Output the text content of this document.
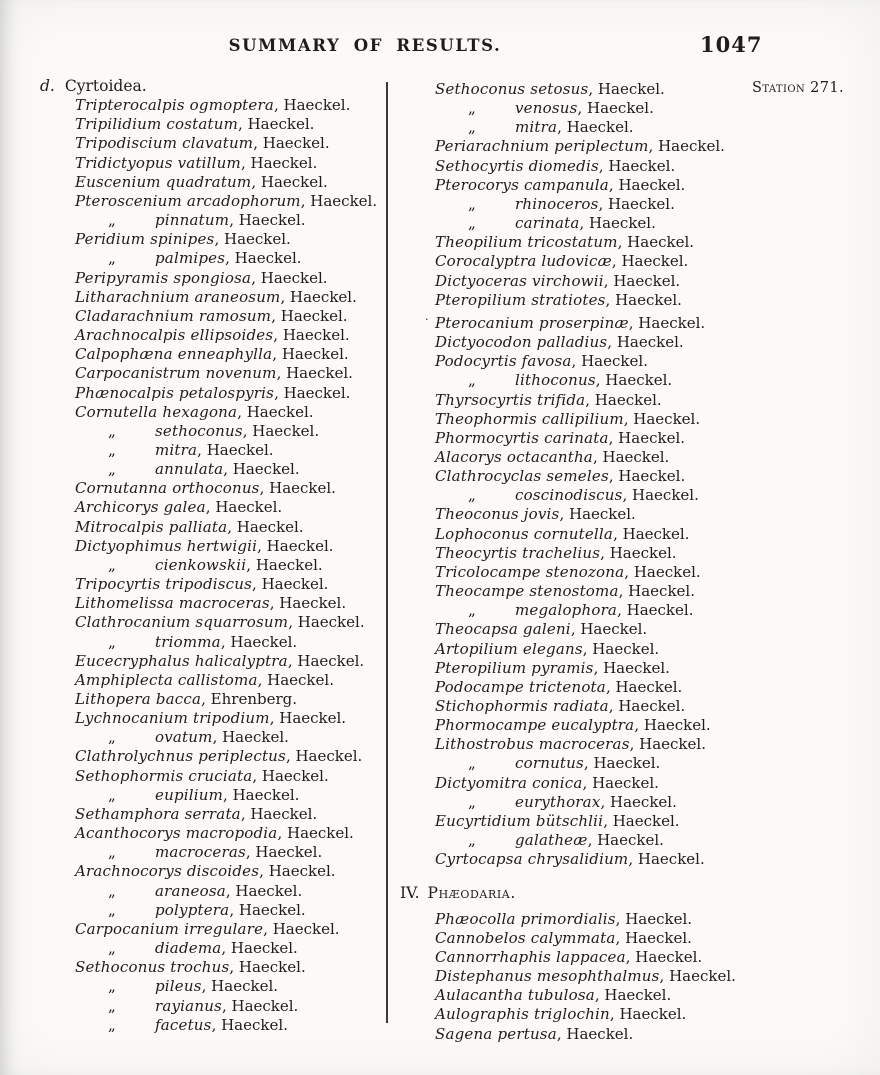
SUMMARY OF RESULTS.	1047
Station 271.
d. Cyrtoidea.
Tripterocalpis ogmoptera, Haeckel.
Tripilidium costatum, Haeckel.
Tripodiscium clavatum, Haeckel.
Tridictyopus vatillum, Haeckel.
Euscenium quadratum, Haeckel.
Pteroscenium arcadophorum, Haeckel.
„	pinnatum, Haeckel.
Peridium spinipes, Haeckel.
„	palmipes, Haeckel.
Peripyramis spongiosa, Haeckel.
Litharachnium araneosum, Haeckel.
Cladarachnium ramosum, Haeckel.
Arachnocalpis ellipsoides, Haeckel.
Calpophæna enneaphylla, Haeckel.
Carpocanistrum novenum, Haeckel.
Phænocalpis petalospyris, Haeckel.
Cornutella hexagona, Haeckel.
„	sethoconus, Haeckel.
„	mitra, Haeckel.
„	annulata, Haeckel.
Cornutanna orthoconus, Haeckel.
Archicorys galea, Haeckel.
Mitrocalpis palliata, Haeckel.
Dictyophimus hertwigii, Haeckel.
„	cienkowskii, Haeckel.
Tripocyrtis tripodiscus, Haeckel.
Lithomelissa macroceras, Haeckel.
Clathrocanium squarrosum, Haeckel.
„	triomma, Haeckel.
Eucecryphalus halicalyptra, Haeckel.
Amphiplecta callistoma, Haeckel.
Lithopera bacca, Ehrenberg.
Lychnocanium tripodium, Haeckel.
„	ovatum, Haeckel.
Clathrolychnus periplectus, Haeckel.
Sethophormis cruciata, Haeckel.
„	eupilium, Haeckel.
Sethamphora serrata, Haeckel.
Acanthocorys macropodia, Haeckel.
„	macroceras, Haeckel.
Arachnocorys discoides, Haeckel.
„	araneosa, Haeckel.
„	polyptera, Haeckel.
Carpocanium irregulare, Haeckel.
„	diadema, Haeckel.
Sethoconus trochus, Haeckel.
„	pileus, Haeckel.
„	rayianus, Haeckel.
„	facetus, Haeckel.
Sethoconus setosus, Haeckel.
„	venosus, Haeckel.
„	mitra, Haeckel.
Periarachnium periplectum, Haeckel.
Sethocyrtis diomedis, Haeckel.
Pterocorys campanula, Haeckel.
„	rhinoceros, Haeckel.
„	carinata, Haeckel.
Theopilium tricostatum, Haeckel.
Corocalyptra ludovicæ, Haeckel.
Dictyoceras virchowii, Haeckel.
Pteropilium stratiotes, Haeckel.
· Pterocanium proserpinæ, Haeckel.
Dictyocodon palladius, Haeckel.
Podocyrtis favosa, Haeckel.
„	lithoconus, Haeckel.
Thyrsocyrtis trifida, Haeckel.
Theophormis callipilium, Haeckel.
Phormocyrtis carinata, Haeckel.
Alacorys octacantha, Haeckel.
Clathrocyclas semeles, Haeckel.
„	coscinodiscus, Haeckel.
Theoconus jovis, Haeckel.
Lophoconus cornutella, Haeckel.
Theocyrtis trachelius, Haeckel.
Tricolocampe stenozona, Haeckel.
Theocampe stenostoma, Haeckel.
„	megalophora, Haeckel.
Theocapsa galeni, Haeckel.
Artopilium elegans, Haeckel.
Pteropilium pyramis, Haeckel.
Podocampe trictenota, Haeckel.
Stichophormis radiata, Haeckel.
Phormocampe eucalyptra, Haeckel.
Lithostrobus macroceras, Haeckel.
„	cornutus, Haeckel.
Dictyomitra conica, Haeckel.
„	eurythorax, Haeckel.
Eucyrtidium bütschlii, Haeckel.
„	galatheæ, Haeckel.
Cyrtocapsa chrysalidium, Haeckel.
IV. Phæodaria.
Phæocolla primordialis, Haeckel.
Cannobelos calymmata, Haeckel.
Cannorrhaphis lappacea, Haeckel.
Distephanus mesophthalmus, Haeckel.
Aulacantha tubulosa, Haeckel.
Aulographis triglochin, Haeckel.
Sagena pertusa, Haeckel.
